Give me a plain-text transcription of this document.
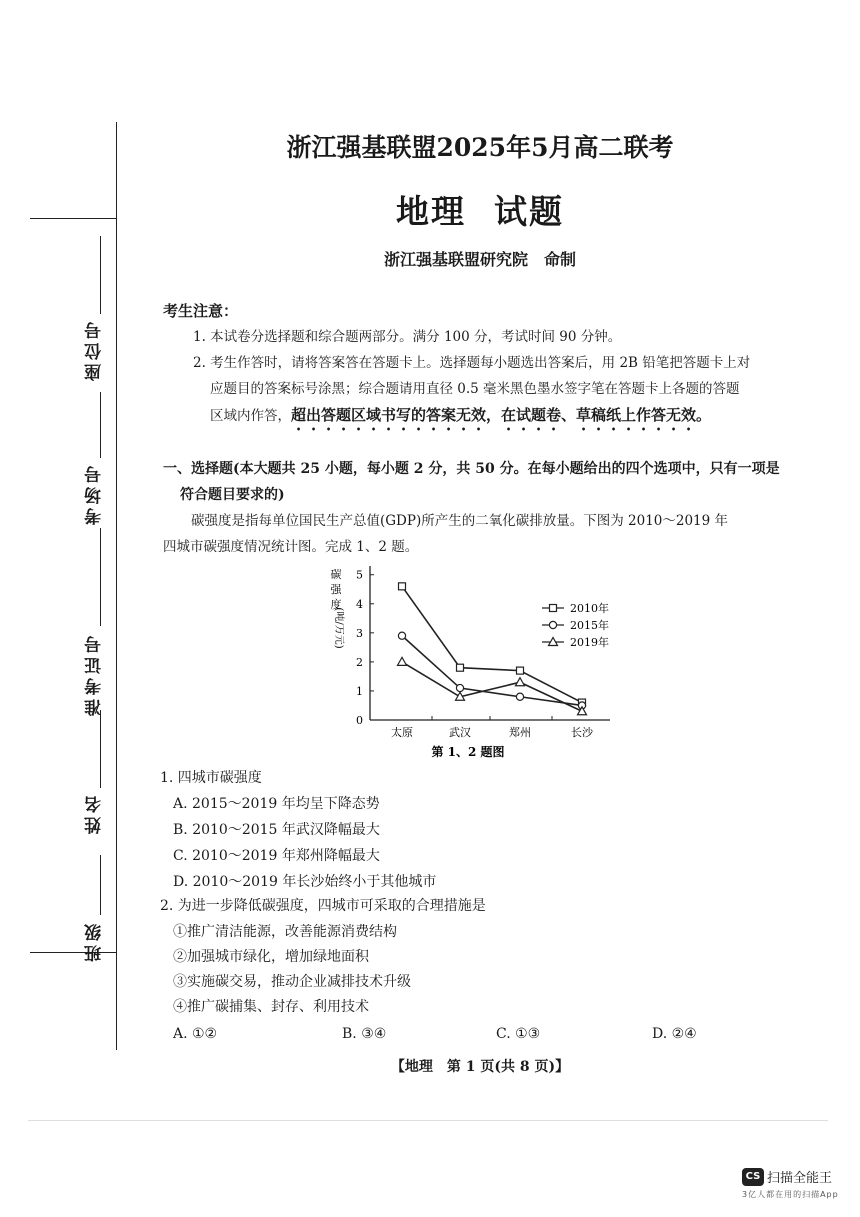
座位号
考场号
准考证号
姓名
班级
浙江强基联盟2025年5月高二联考
地理 试题
浙江强基联盟研究院　命制
考生注意：
1. 本试卷分选择题和综合题两部分。满分 100 分，考试时间 90 分钟。
2. 考生作答时，请将答案答在答题卡上。选择题每小题选出答案后，用 2B 铅笔把答题卡上对
应题目的答案标号涂黑；综合题请用直径 0.5 毫米黑色墨水签字笔在答题卡上各题的答题
区域内作答，超出答题区域书写的答案无效，在试题卷、草稿纸上作答无效。
一、选择题(本大题共 25 小题，每小题 2 分，共 50 分。在每小题给出的四个选项中，只有一项是
符合题目要求的)
碳强度是指每单位国民生产总值(GDP)所产生的二氧化碳排放量。下图为 2010～2019 年
四城市碳强度情况统计图。完成 1、2 题。
0
1
2
3
4
5
太原	武汉	郑州	长沙
碳
强
度
(吨/万元)	2010年
2015年
2019年
第 1、2 题图
1. 四城市碳强度
A. 2015～2019 年均呈下降态势
B. 2010～2015 年武汉降幅最大
C. 2010～2019 年郑州降幅最大
D. 2010～2019 年长沙始终小于其他城市
2. 为进一步降低碳强度，四城市可采取的合理措施是
①推广清洁能源，改善能源消费结构
②加强城市绿化，增加绿地面积
③实施碳交易，推动企业减排技术升级
④推广碳捕集、封存、利用技术
A. ①②	B. ③④	C. ①③	D. ②④
【地理　第 1 页(共 8 页)】
CS 扫描全能王
3亿人都在用的扫描App
